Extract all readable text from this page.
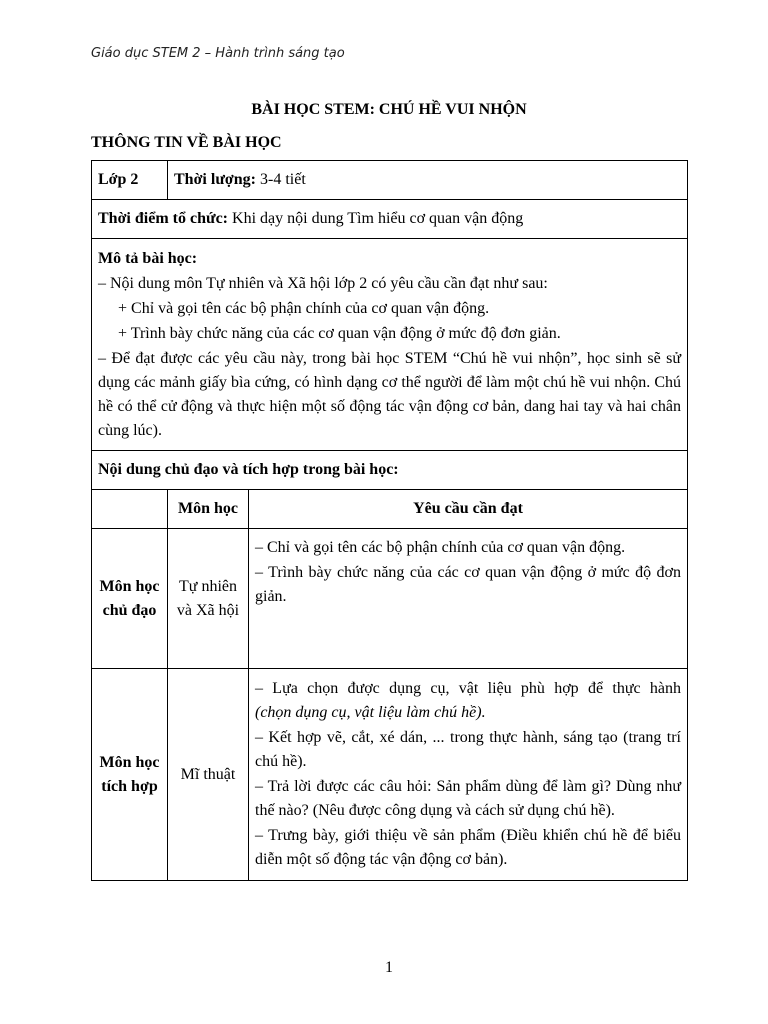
Giáo dục STEM 2 – Hành trình sáng tạo
BÀI HỌC STEM: CHÚ HỀ VUI NHỘN
THÔNG TIN VỀ BÀI HỌC
Lớp 2	Thời lượng: 3-4 tiết	
Thời điểm tổ chức: Khi dạy nội dung Tìm hiểu cơ quan vận động		

Mô tả bài học:
– Nội dung môn Tự nhiên và Xã hội lớp 2 có yêu cầu cần đạt như sau:
+ Chỉ và gọi tên các bộ phận chính của cơ quan vận động.
+ Trình bày chức năng của các cơ quan vận động ở mức độ đơn giản.
– Để đạt được các yêu cầu này, trong bài học STEM “Chú hề vui nhộn”, học sinh sẽ sử dụng các mảnh giấy bìa cứng, có hình dạng cơ thể người để làm một chú hề vui nhộn. Chú hề có thể cử động và thực hiện một số động tác vận động cơ bản, dang hai tay và hai chân cùng lúc).		

Nội dung chủ đạo và tích hợp trong bài học:		
	Môn học	Yêu cầu cần đạt
Môn học chủ đạo	Tự nhiên và Xã hội	– Chỉ và gọi tên các bộ phận chính của cơ quan vận động.
– Trình bày chức năng của các cơ quan vận động ở mức độ đơn giản.

Môn học tích hợp	Mĩ thuật	– Lựa chọn được dụng cụ, vật liệu phù hợp để thực hành
(chọn dụng cụ, vật liệu làm chú hề).
– Kết hợp vẽ, cắt, xé dán, ... trong thực hành, sáng tạo (trang trí chú hề).
– Trả lời được các câu hỏi: Sản phẩm dùng để làm gì? Dùng như thế nào? (Nêu được công dụng và cách sử dụng chú hề).
– Trưng bày, giới thiệu về sản phẩm (Điều khiển chú hề để biểu diễn một số động tác vận động cơ bản).
1
